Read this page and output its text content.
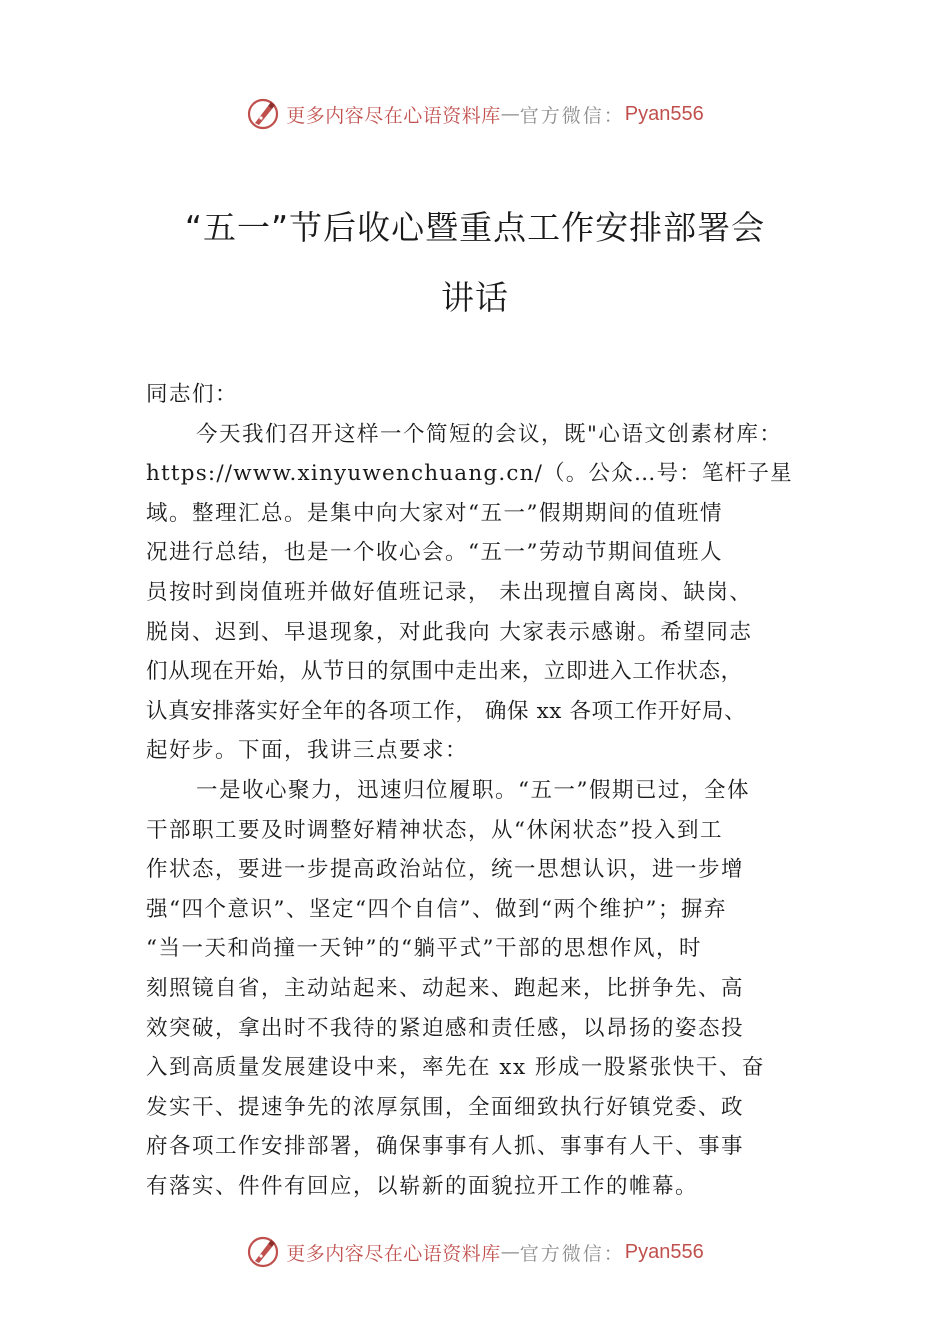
更多内容尽在心语资料库 — 官方微信： Pyan556
“五一”节后收心暨重点工作安排部署会
讲话
同志们：
今天我们召开这样一个简短的会议，既"心语文创素材库：
https://www.xinyuwenchuang.cn/（。公众…号：笔杆子星
域。整理汇总。是集中向大家对“五一”假期期间的值班情
况进行总结，也是一个收心会。“五一”劳动节期间值班人
员按时到岗值班并做好值班记录， 未出现擅自离岗、缺岗、
脱岗、迟到、早退现象，对此我向 大家表示感谢。希望同志
们从现在开始，从节日的氛围中走出来，立即进入工作状态，
认真安排落实好全年的各项工作， 确保 xx 各项工作开好局、
起好步。下面，我讲三点要求：
一是收心聚力，迅速归位履职。“五一”假期已过，全体
干部职工要及时调整好精神状态，从“休闲状态”投入到工
作状态，要进一步提高政治站位，统一思想认识，进一步增
强“四个意识”、坚定“四个自信”、做到“两个维护”；摒弃
“当一天和尚撞一天钟”的“躺平式”干部的思想作风，时
刻照镜自省，主动站起来、动起来、跑起来，比拼争先、高
效突破，拿出时不我待的紧迫感和责任感，以昂扬的姿态投
入到高质量发展建设中来，率先在 xx 形成一股紧张快干、奋
发实干、提速争先的浓厚氛围，全面细致执行好镇党委、政
府各项工作安排部署，确保事事有人抓、事事有人干、事事
有落实、件件有回应，以崭新的面貌拉开工作的帷幕。
更多内容尽在心语资料库 — 官方微信： Pyan556
